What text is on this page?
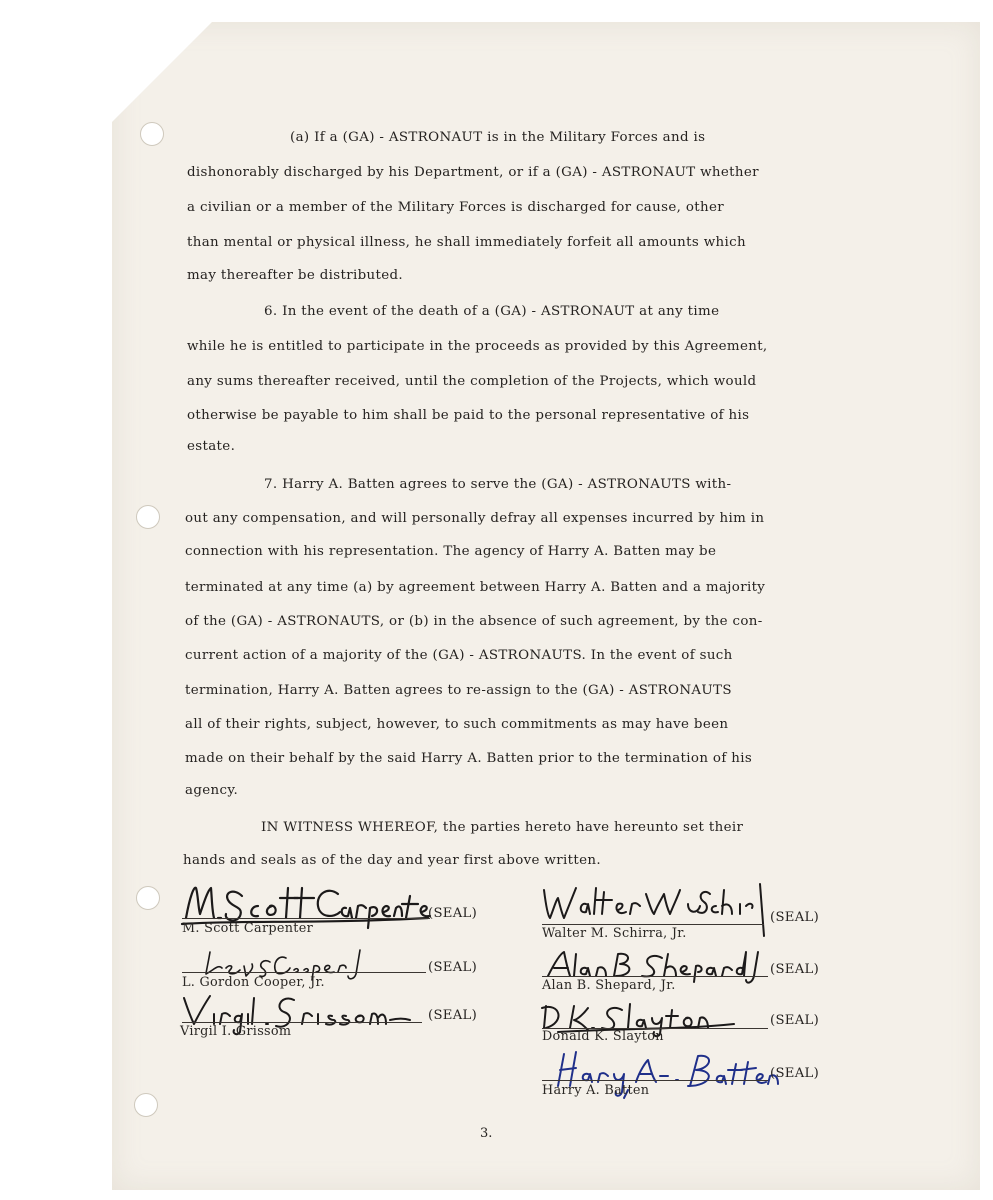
(a) If a (GA) - ASTRONAUT is in the Military Forces and is

dishonorably discharged by his Department, or if a (GA) - ASTRONAUT whether

a civilian or a member of the Military Forces is discharged for cause, other

than mental or physical illness, he shall immediately forfeit all amounts which

may thereafter be distributed.

6. In the event of the death of a (GA) - ASTRONAUT at any time

while he is entitled to participate in the proceeds as provided by this Agreement,

any sums thereafter received, until the completion of the Projects, which would

otherwise be payable to him shall be paid to the personal representative of his

estate.

7. Harry A. Batten agrees to serve the (GA) - ASTRONAUTS with-

out any compensation, and will personally defray all expenses incurred by him in

connection with his representation. The agency of Harry A. Batten may be

terminated at any time (a) by agreement between Harry A. Batten and a majority

of the (GA) - ASTRONAUTS, or (b) in the absence of such agreement, by the con-

current action of a majority of the (GA) - ASTRONAUTS. In the event of such

termination, Harry A. Batten agrees to re-assign to the (GA) - ASTRONAUTS

all of their rights, subject, however, to such commitments as may have been

made on their behalf by the said Harry A. Batten prior to the termination of his

agency.

IN WITNESS WHEREOF, the parties hereto have hereunto set their

hands and seals as of the day and year first above written.

(SEAL)
M. Scott Carpenter
(SEAL)
L. Gordon Cooper, Jr.
(SEAL)
Virgil I. Grissom
(SEAL)
Walter M. Schirra, Jr.
(SEAL)
Alan B. Shepard, Jr.
(SEAL)
Donald K. Slayton
(SEAL)
Harry A. Batten
3.
